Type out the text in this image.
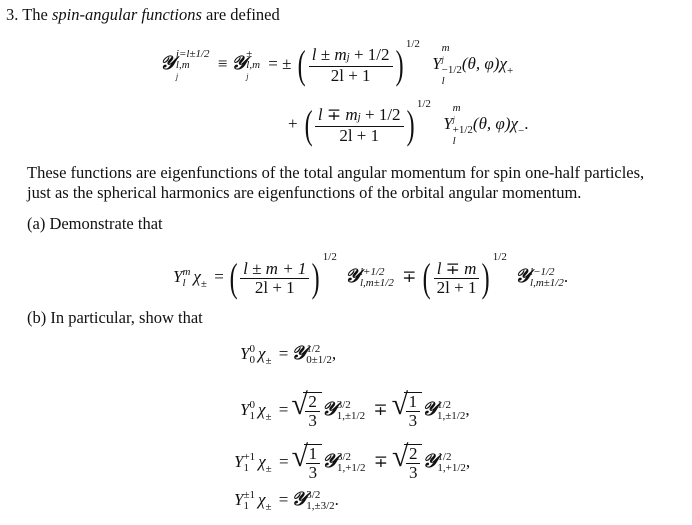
3. The spin-angular functions are defined
𝒴 j=l±1/2
l,m
j
≡ 𝒴 ±
l,m
j
= ± ( $\frac{l \pm mj + 1/2}{2l + 1}$ ) $^{1/2}$ Y
m
j
−1/2
l
(θ, $\varphi)\chi_+$
+ ( $\frac{l \mp mj + 1/2}{2l + 1}$ ) $^{1/2}$ Y
m
j
+1/2
l
(θ, $\varphi)\chi_-$.
These functions are eigenfunctions of the total angular momentum for spin one-half particles,
just as the spherical harmonics are eigenfunctions of the orbital angular momentum.
(a) Demonstrate that
Y m
l $\chi_\pm$ = ( $\frac{l \pm m + 1}{2l + 1}$ ) $^{1/2}$ 𝒴 l+1/2
l,m±1/2 ∓ ( $\frac{l \mp m}{2l + 1}$ ) $^{1/2}$ 𝒴 l−1/2
l,m±1/2 .
(b) In particular, show that
Y 0
0 $\chi_\pm$ = 𝒴 1/2
0±1/2 ,
Y 0
1 $\chi_\pm$ = √
$\frac{2}{3}$ 𝒴 3/2
1,±1/2 ∓ √
$\frac{1}{3}$ 𝒴 1/2
1,±1/2 ,
Y +1
1 $\chi_\pm$ = √
$\frac{1}{3}$ 𝒴 3/2
1,+1/2 ∓ √
$\frac{2}{3}$ 𝒴 1/2
1,+1/2 ,
Y ±1
1 $\chi_\pm$ = 𝒴 3/2
1,±3/2 .
